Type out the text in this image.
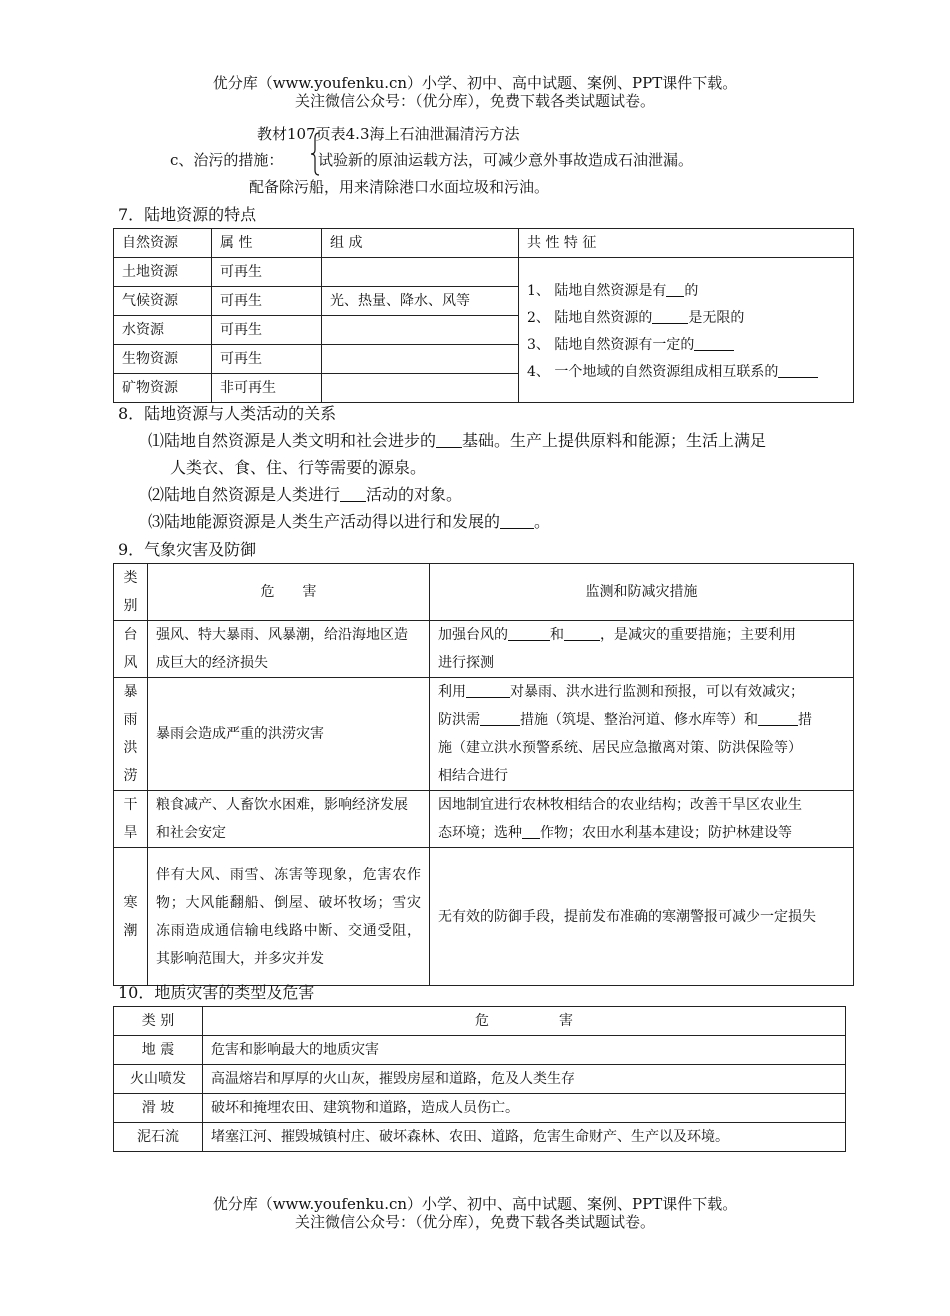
优分库（www.youfenku.cn）小学、初中、高中试题、案例、PPT课件下载。
关注微信公众号：（优分库），免费下载各类试题试卷。
教材107页表4.3海上石油泄漏清污方法
c、治污的措施： 试验新的原油运载方法，可减少意外事故造成石油泄漏。
配备除污船，用来清除港口水面垃圾和污油。
7．陆地资源的特点
自然资源	属 性	组 成	共 性 特 征
土地资源	可再生		1、 陆地自然资源是有 的
2、 陆地自然资源的 是无限的
3、 陆地自然资源有一定的
4、 一个地域的自然资源组成相互联系的

气候资源	可再生	光、热量、降水、风等	
水资源	可再生		
生物资源	可再生		
矿物资源	非可再生		
8．陆地资源与人类活动的关系
⑴陆地自然资源是人类文明和社会进步的 基础。生产上提供原料和能源；生活上满足
人类衣、食、住、行等需要的源泉。
⑵陆地自然资源是人类进行 活动的对象。
⑶陆地能源资源是人类生产活动得以进行和发展的 。
9．气象灾害及防御
类别	危　　害	监测和防减灾措施
台风	强风、特大暴雨、风暴潮，给沿海地区造成巨大的经济损失	加强台风的 和 ，是减灾的重要措施；主要利用
进行探测
暴雨洪涝	暴雨会造成严重的洪涝灾害	利用 对暴雨、洪水进行监测和预报，可以有效减灾；
防洪需 措施（筑堤、整治河道、修水库等）和 措
施（建立洪水预警系统、居民应急撤离对策、防洪保险等）
相结合进行
干旱	粮食减产、人畜饮水困难，影响经济发展和社会安定	因地制宜进行农林牧相结合的农业结构；改善干旱区农业生
态环境；选种 作物；农田水利基本建设；防护林建设等
寒潮	伴有大风、雨雪、冻害等现象，危害农作物；大风能翻船、倒屋、破坏牧场；雪灾冻雨造成通信输电线路中断、交通受阻，其影响范围大，并多灾并发	无有效的防御手段，提前发布准确的寒潮警报可减少一定损失
10．地质灾害的类型及危害
类 别	危　　　　　害
地 震	危害和影响最大的地质灾害
火山喷发	高温熔岩和厚厚的火山灰，摧毁房屋和道路，危及人类生存
滑 坡	破坏和掩埋农田、建筑物和道路，造成人员伤亡。
泥石流	堵塞江河、摧毁城镇村庄、破坏森林、农田、道路，危害生命财产、生产以及环境。
优分库（www.youfenku.cn）小学、初中、高中试题、案例、PPT课件下载。
关注微信公众号：（优分库），免费下载各类试题试卷。
